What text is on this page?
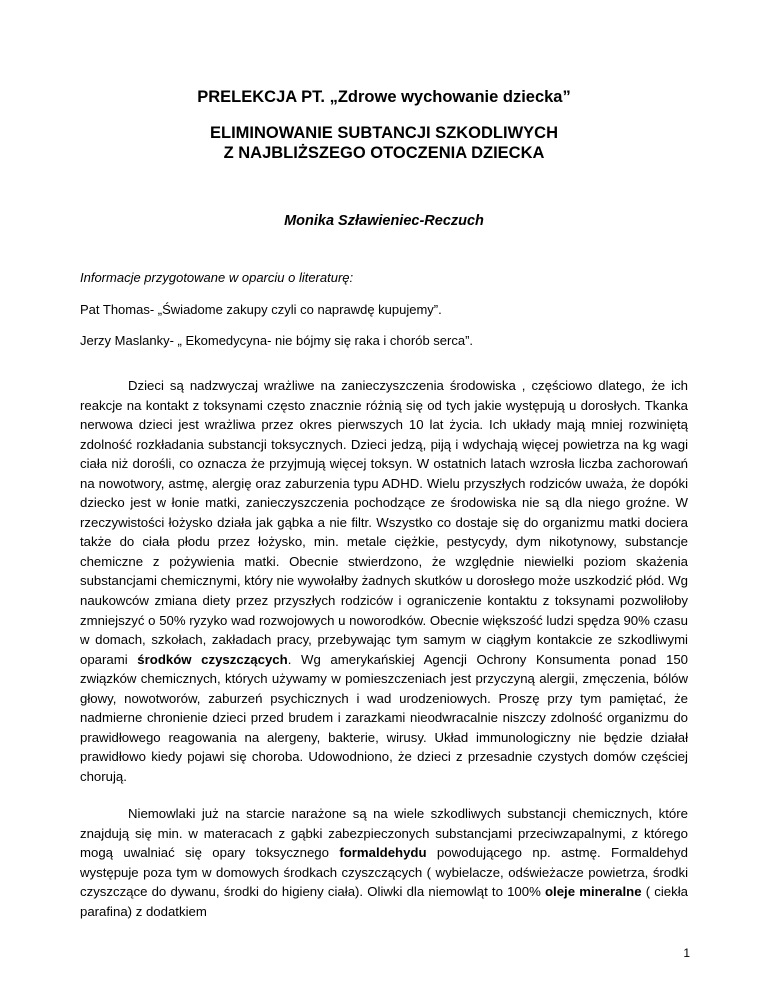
PRELEKCJA PT. „Zdrowe wychowanie dziecka”

ELIMINOWANIE SUBTANCJI SZKODLIWYCH
Z NAJBLIŻSZEGO OTOCZENIA DZIECKA

Monika Szławieniec-Reczuch

Informacje przygotowane w oparciu o literaturę:

Pat Thomas- „Świadome zakupy czyli co naprawdę kupujemy”.

Jerzy Maslanky- „ Ekomedycyna- nie bójmy się raka i chorób serca”.

Dzieci są nadzwyczaj wrażliwe na zanieczyszczenia środowiska , częściowo dlatego, że ich reakcje na kontakt z toksynami często znacznie różnią się od tych jakie występują u dorosłych. Tkanka nerwowa dzieci jest wrażliwa przez okres pierwszych 10 lat życia. Ich układy mają mniej rozwiniętą zdolność rozkładania substancji toksycznych. Dzieci jedzą, piją i wdychają więcej powietrza na kg wagi ciała niż dorośli, co oznacza że przyjmują więcej toksyn. W ostatnich latach wzrosła liczba zachorowań na nowotwory, astmę, alergię oraz zaburzenia typu ADHD. Wielu przyszłych rodziców uważa, że dopóki dziecko jest w łonie matki, zanieczyszczenia pochodzące ze środowiska nie są dla niego groźne. W rzeczywistości łożysko działa jak gąbka a nie filtr. Wszystko co dostaje się do organizmu matki dociera także do ciała płodu przez łożysko, min. metale ciężkie, pestycydy, dym nikotynowy, substancje chemiczne z pożywienia matki. Obecnie stwierdzono, że względnie niewielki poziom skażenia substancjami chemicznymi, który nie wywołałby żadnych skutków u dorosłego może uszkodzić płód. Wg naukowców zmiana diety przez przyszłych rodziców i ograniczenie kontaktu z toksynami pozwoliłoby zmniejszyć o 50% ryzyko wad rozwojowych u noworodków. Obecnie większość ludzi spędza 90% czasu w domach, szkołach, zakładach pracy, przebywając tym samym w ciągłym kontakcie ze szkodliwymi oparami środków czyszczących. Wg amerykańskiej Agencji Ochrony Konsumenta ponad 150 związków chemicznych, których używamy w pomieszczeniach jest przyczyną alergii, zmęczenia, bólów głowy, nowotworów, zaburzeń psychicznych i wad urodzeniowych. Proszę przy tym pamiętać, że nadmierne chronienie dzieci przed brudem i zarazkami nieodwracalnie niszczy zdolność organizmu do prawidłowego reagowania na alergeny, bakterie, wirusy. Układ immunologiczny nie będzie działał prawidłowo kiedy pojawi się choroba. Udowodniono, że dzieci z przesadnie czystych domów częściej chorują.

Niemowlaki już na starcie narażone są na wiele szkodliwych substancji chemicznych, które znajdują się min. w materacach z gąbki zabezpieczonych substancjami przeciwzapalnymi, z którego mogą uwalniać się opary toksycznego formaldehydu powodującego np. astmę. Formaldehyd występuje poza tym w domowych środkach czyszczących ( wybielacze, odświeżacze powietrza, środki czyszczące do dywanu, środki do higieny ciała). Oliwki dla niemowląt to 100% oleje mineralne ( ciekła parafina) z dodatkiem

1
